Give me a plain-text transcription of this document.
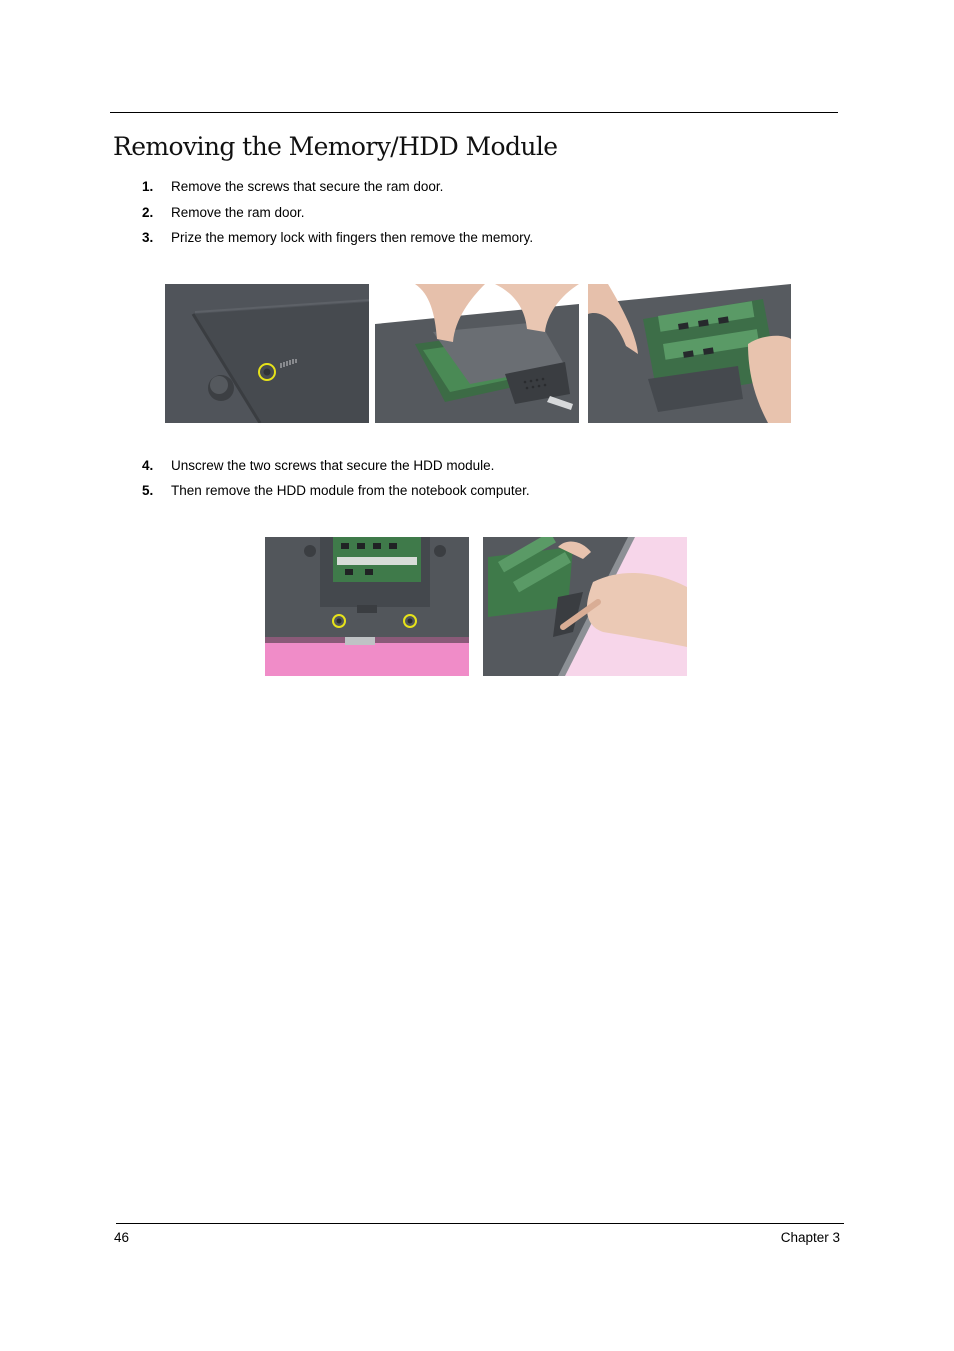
Removing the Memory/HDD Module
1. Remove the screws that secure the ram door.
2. Remove the ram door.
3. Prize the memory lock with fingers then remove the memory.
4. Unscrew the two screws that secure the HDD module.
5. Then remove the HDD module from the notebook computer.
46	Chapter 3
